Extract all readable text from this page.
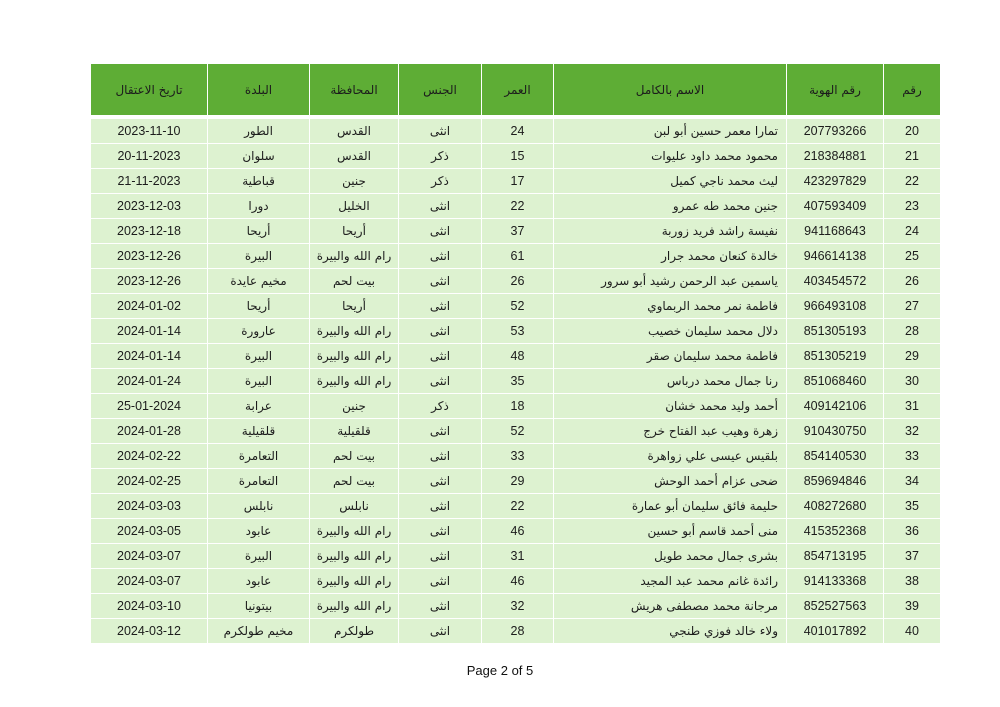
رقم	رقم الهوية	الاسم بالكامل	العمر	الجنس	المحافظة	البلدة	تاريخ الاعتقال
20	207793266	تمارا معمر حسين أبو لبن	24	انثى	القدس	الطور	2023-11-10
21	218384881	محمود محمد داود عليوات	15	ذكر	القدس	سلوان	20-11-2023
22	423297829	ليث محمد ناجي كميل	17	ذكر	جنين	قباطية	21-11-2023
23	407593409	جنين محمد طه عمرو	22	انثى	الخليل	دورا	2023-12-03
24	941168643	نفيسة راشد فريد زوربة	37	انثى	أريحا	أريحا	2023-12-18
25	946614138	خالدة كنعان محمد جرار	61	انثى	رام الله والبيرة	البيرة	2023-12-26
26	403454572	ياسمين عبد الرحمن رشيد أبو سرور	26	انثى	بيت لحم	مخيم عايدة	2023-12-26
27	966493108	فاطمة نمر محمد الربماوي	52	انثى	أريحا	أريحا	2024-01-02
28	851305193	دلال محمد سليمان خصيب	53	انثى	رام الله والبيرة	عارورة	2024-01-14
29	851305219	فاطمة محمد سليمان صقر	48	انثى	رام الله والبيرة	البيرة	2024-01-14
30	851068460	رنا جمال محمد درباس	35	انثى	رام الله والبيرة	البيرة	2024-01-24
31	409142106	أحمد وليد محمد خشان	18	ذكر	جنين	عرابة	25-01-2024
32	910430750	زهرة وهيب عبد الفتاح خرج	52	انثى	قلقيلية	قلقيلية	2024-01-28
33	854140530	بلقيس عيسى علي زواهرة	33	انثى	بيت لحم	التعامرة	2024-02-22
34	859694846	ضحى عزام أحمد الوحش	29	انثى	بيت لحم	التعامرة	2024-02-25
35	408272680	حليمة فائق سليمان أبو عمارة	22	انثى	نابلس	نابلس	2024-03-03
36	415352368	منى أحمد قاسم أبو حسين	46	انثى	رام الله والبيرة	عابود	2024-03-05
37	854713195	بشرى جمال محمد طويل	31	انثى	رام الله والبيرة	البيرة	2024-03-07
38	914133368	رائدة غانم محمد عبد المجيد	46	انثى	رام الله والبيرة	عابود	2024-03-07
39	852527563	مرجانة محمد مصطفى هريش	32	انثى	رام الله والبيرة	بيتونيا	2024-03-10
40	401017892	ولاء خالد فوزي طنجي	28	انثى	طولكرم	مخيم طولكرم	2024-03-12
Page 2 of 5
